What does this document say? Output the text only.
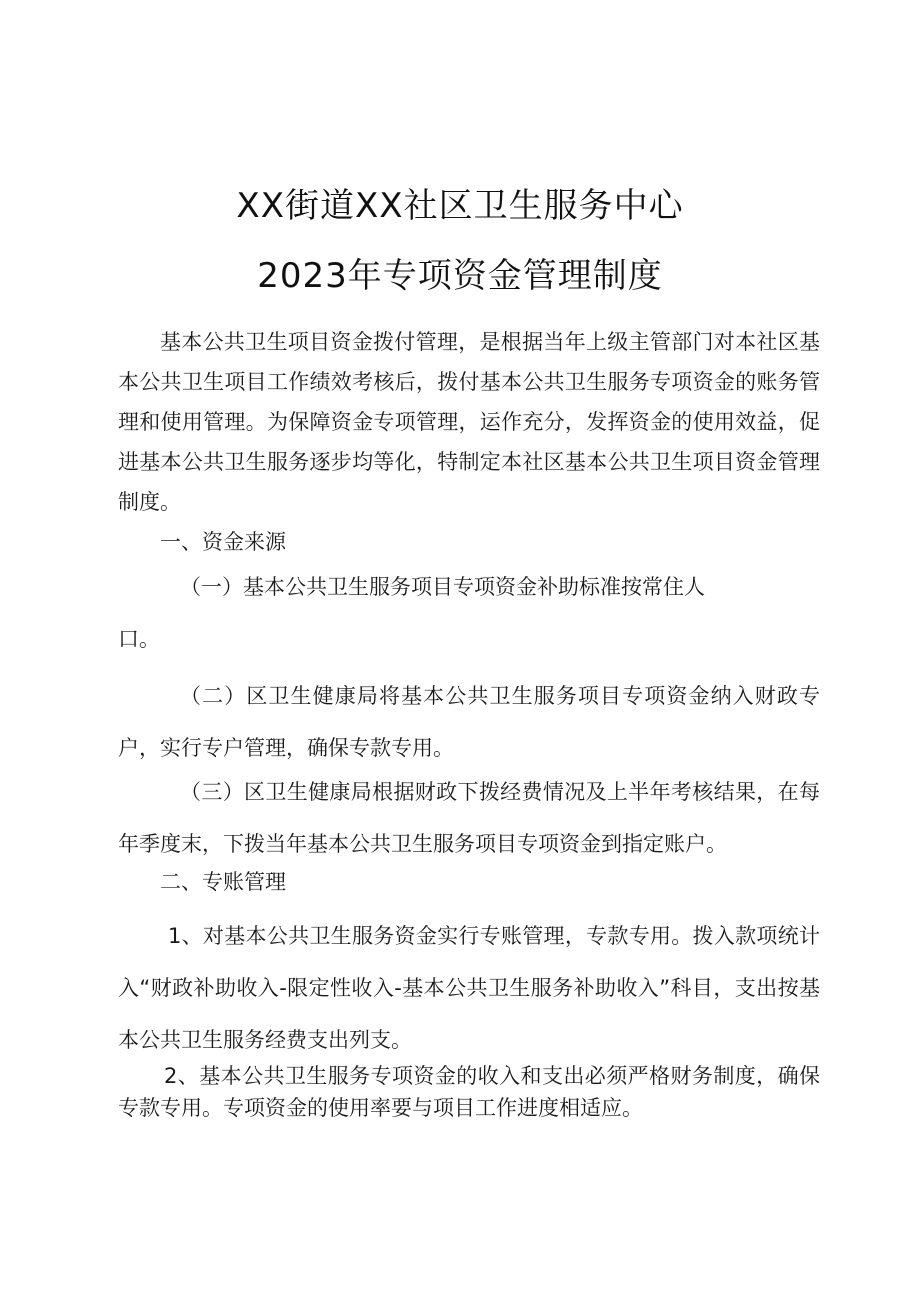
XX街道XX社区卫生服务中心
2023年专项资金管理制度

基本公共卫生项目资金拨付管理，是根据当年上级主管部门对本社区基本公共卫生项目工作绩效考核后，拨付基本公共卫生服务专项资金的账务管理和使用管理。为保障资金专项管理，运作充分，发挥资金的使用效益，促进基本公共卫生服务逐步均等化，特制定本社区基本公共卫生项目资金管理制度。

一、资金来源

（一）基本公共卫生服务项目专项资金补助标准按常住人

口。

（二）区卫生健康局将基本公共卫生服务项目专项资金纳入财政专户，实行专户管理，确保专款专用。

（三）区卫生健康局根据财政下拨经费情况及上半年考核结果，在每年季度末，下拨当年基本公共卫生服务项目专项资金到指定账户。

二、专账管理

1、对基本公共卫生服务资金实行专账管理，专款专用。拨入款项统计入“财政补助收入-限定性收入-基本公共卫生服务补助收入”科目，支出按基本公共卫生服务经费支出列支。

2、基本公共卫生服务专项资金的收入和支出必须严格财务制度，确保专款专用。专项资金的使用率要与项目工作进度相适应。
